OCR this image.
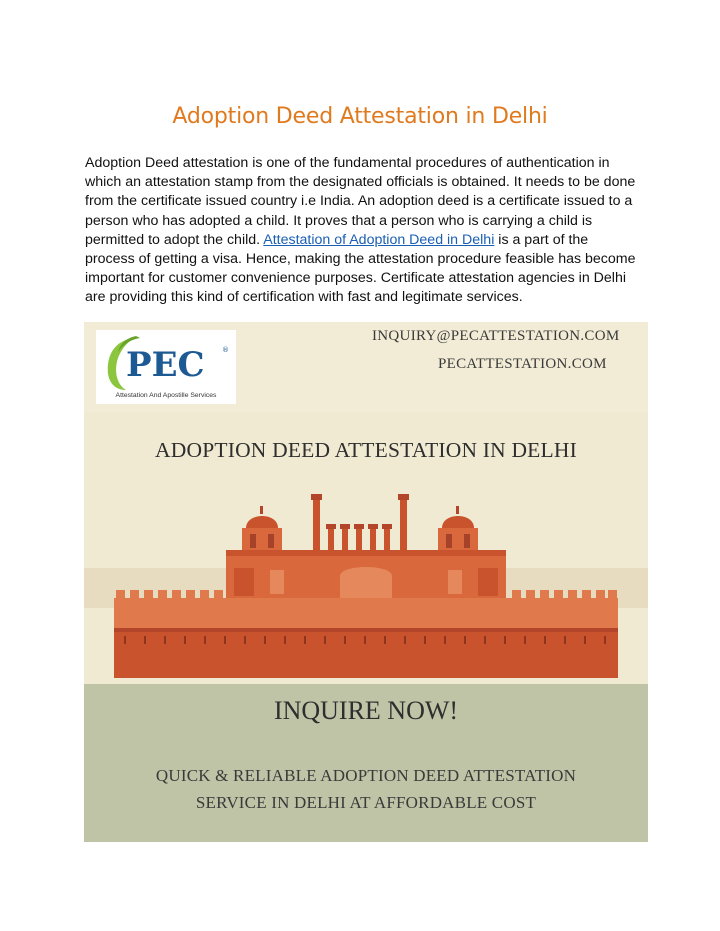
Adoption Deed Attestation in Delhi

Adoption Deed attestation is one of the fundamental procedures of authentication in which an attestation stamp from the designated officials is obtained. It needs to be done from the certificate issued country i.e India. An adoption deed is a certificate issued to a person who has adopted a child. It proves that a person who is carrying a child is permitted to adopt the child. Attestation of Adoption Deed in Delhi is a part of the process of getting a visa. Hence, making the attestation procedure feasible has become important for customer convenience purposes. Certificate attestation agencies in Delhi are providing this kind of certification with fast and legitimate services.

PEC ®
Attestation And Apostille Services
INQUIRY@PECATTESTATION.COM
PECATTESTATION.COM
ADOPTION DEED ATTESTATION IN DELHI
INQUIRE NOW!
QUICK & RELIABLE ADOPTION DEED ATTESTATION
SERVICE IN DELHI AT AFFORDABLE COST
